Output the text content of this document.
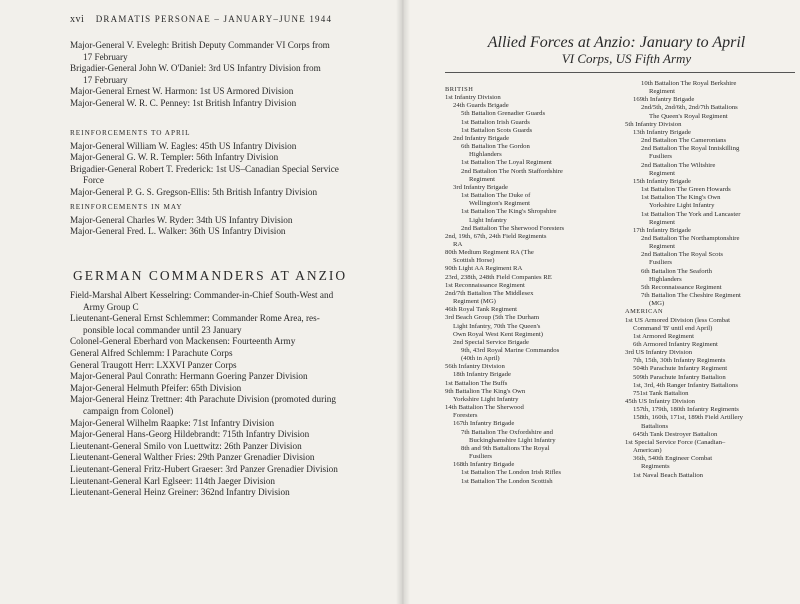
xvi DRAMATIS PERSONAE – JANUARY–JUNE 1944
Major-General V. Evelegh: British Deputy Commander VI Corps from
17 February
Brigadier-General John W. O'Daniel: 3rd US Infantry Division from
17 February
Major-General Ernest W. Harmon: 1st US Armored Division
Major-General W. R. C. Penney: 1st British Infantry Division
REINFORCEMENTS TO APRIL
Major-General William W. Eagles: 45th US Infantry Division
Major-General G. W. R. Templer: 56th Infantry Division
Brigadier-General Robert T. Frederick: 1st US–Canadian Special Service
Force
Major-General P. G. S. Gregson-Ellis: 5th British Infantry Division
REINFORCEMENTS IN MAY
Major-General Charles W. Ryder: 34th US Infantry Division
Major-General Fred. L. Walker: 36th US Infantry Division
GERMAN COMMANDERS AT ANZIO
Field-Marshal Albert Kesselring: Commander-in-Chief South-West and
Army Group C
Lieutenant-General Ernst Schlemmer: Commander Rome Area, res-
ponsible local commander until 23 January
Colonel-General Eberhard von Mackensen: Fourteenth Army
General Alfred Schlemm: I Parachute Corps
General Traugott Herr: LXXVI Panzer Corps
Major-General Paul Conrath: Hermann Goering Panzer Division
Major-General Helmuth Pfeifer: 65th Division
Major-General Heinz Trettner: 4th Parachute Division (promoted during
campaign from Colonel)
Major-General Wilhelm Raapke: 71st Infantry Division
Major-General Hans-Georg Hildebrandt: 715th Infantry Division
Lieutenant-General Smilo von Luettwitz: 26th Panzer Division
Lieutenant-General Walther Fries: 29th Panzer Grenadier Division
Lieutenant-General Fritz-Hubert Graeser: 3rd Panzer Grenadier Division
Lieutenant-General Karl Eglseer: 114th Jaeger Division
Lieutenant-General Heinz Greiner: 362nd Infantry Division
Allied Forces at Anzio: January to April
VI Corps, US Fifth Army
BRITISH
1st Infantry Division
24th Guards Brigade
5th Battalion Grenadier Guards
1st Battalion Irish Guards
1st Battalion Scots Guards
2nd Infantry Brigade
6th Battalion The Gordon
Highlanders
1st Battalion The Loyal Regiment
2nd Battalion The North Staffordshire
Regiment
3rd Infantry Brigade
1st Battalion The Duke of
Wellington's Regiment
1st Battalion The King's Shropshire
Light Infantry
2nd Battalion The Sherwood Foresters
2nd, 19th, 67th, 24th Field Regiments
RA
80th Medium Regiment RA (The
Scottish Horse)
90th Light AA Regiment RA
23rd, 238th, 248th Field Companies RE
1st Reconnaissance Regiment
2nd/7th Battalion The Middlesex
Regiment (MG)
46th Royal Tank Regiment
3rd Beach Group (5th The Durham
Light Infantry, 70th The Queen's
Own Royal West Kent Regiment)
2nd Special Service Brigade
9th, 43rd Royal Marine Commandos
(40th in April)
56th Infantry Division
18th Infantry Brigade
1st Battalion The Buffs
9th Battalion The King's Own
Yorkshire Light Infantry
14th Battalion The Sherwood
Foresters
167th Infantry Brigade
7th Battalion The Oxfordshire and
Buckinghamshire Light Infantry
8th and 9th Battalions The Royal
Fusiliers
168th Infantry Brigade
1st Battalion The London Irish Rifles
1st Battalion The London Scottish
10th Battalion The Royal Berkshire
Regiment
169th Infantry Brigade
2nd/5th, 2nd/6th, 2nd/7th Battalions
The Queen's Royal Regiment
5th Infantry Division
13th Infantry Brigade
2nd Battalion The Cameronians
2nd Battalion The Royal Inniskilling
Fusiliers
2nd Battalion The Wiltshire
Regiment
15th Infantry Brigade
1st Battalion The Green Howards
1st Battalion The King's Own
Yorkshire Light Infantry
1st Battalion The York and Lancaster
Regiment
17th Infantry Brigade
2nd Battalion The Northamptonshire
Regiment
2nd Battalion The Royal Scots
Fusiliers
6th Battalion The Seaforth
Highlanders
5th Reconnaissance Regiment
7th Battalion The Cheshire Regiment
(MG)
AMERICAN
1st US Armored Division (less Combat
Command 'B' until end April)
1st Armored Regiment
6th Armored Infantry Regiment
3rd US Infantry Division
7th, 15th, 30th Infantry Regiments
504th Parachute Infantry Regiment
509th Parachute Infantry Battalion
1st, 3rd, 4th Ranger Infantry Battalions
751st Tank Battalion
45th US Infantry Division
157th, 179th, 180th Infantry Regiments
158th, 160th, 171st, 189th Field Artillery
Battalions
645th Tank Destroyer Battalion
1st Special Service Force (Canadian–
American)
36th, 540th Engineer Combat
Regiments
1st Naval Beach Battalion
